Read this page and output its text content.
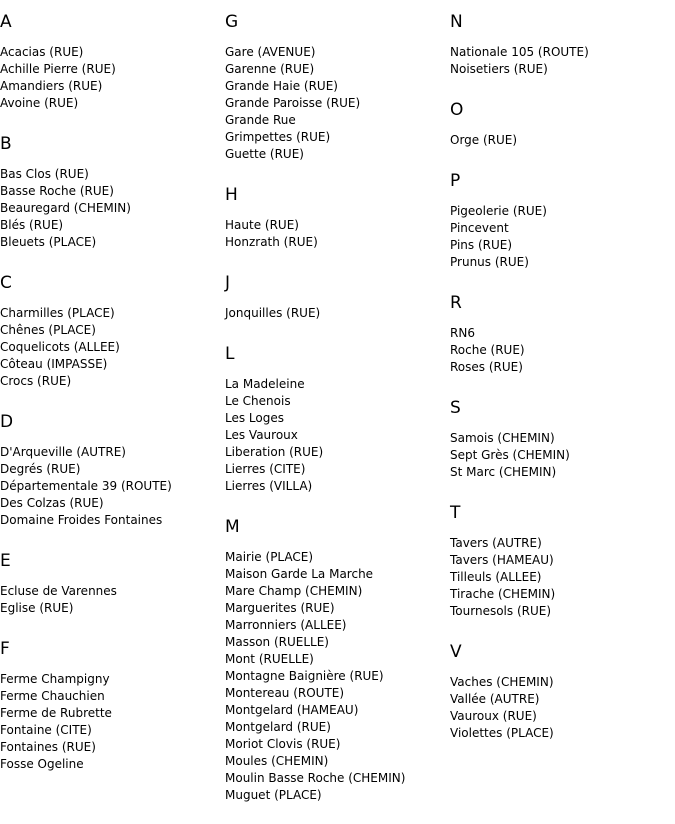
A
Acacias (RUE)
Achille Pierre (RUE)
Amandiers (RUE)
Avoine (RUE)
B
Bas Clos (RUE)
Basse Roche (RUE)
Beauregard (CHEMIN)
Blés (RUE)
Bleuets (PLACE)
C
Charmilles (PLACE)
Chênes (PLACE)
Coquelicots (ALLEE)
Côteau (IMPASSE)
Crocs (RUE)
D
D'Arqueville (AUTRE)
Degrés (RUE)
Départementale 39 (ROUTE)
Des Colzas (RUE)
Domaine Froides Fontaines
E
Ecluse de Varennes
Eglise (RUE)
F
Ferme Champigny
Ferme Chauchien
Ferme de Rubrette
Fontaine (CITE)
Fontaines (RUE)
Fosse Ogeline
G
Gare (AVENUE)
Garenne (RUE)
Grande Haie (RUE)
Grande Paroisse (RUE)
Grande Rue
Grimpettes (RUE)
Guette (RUE)
H
Haute (RUE)
Honzrath (RUE)
J
Jonquilles (RUE)
L
La Madeleine
Le Chenois
Les Loges
Les Vauroux
Liberation (RUE)
Lierres (CITE)
Lierres (VILLA)
M
Mairie (PLACE)
Maison Garde La Marche
Mare Champ (CHEMIN)
Marguerites (RUE)
Marronniers (ALLEE)
Masson (RUELLE)
Mont (RUELLE)
Montagne Baignière (RUE)
Montereau (ROUTE)
Montgelard (HAMEAU)
Montgelard (RUE)
Moriot Clovis (RUE)
Moules (CHEMIN)
Moulin Basse Roche (CHEMIN)
Muguet (PLACE)
N
Nationale 105 (ROUTE)
Noisetiers (RUE)
O
Orge (RUE)
P
Pigeolerie (RUE)
Pincevent
Pins (RUE)
Prunus (RUE)
R
RN6
Roche (RUE)
Roses (RUE)
S
Samois (CHEMIN)
Sept Grès (CHEMIN)
St Marc (CHEMIN)
T
Tavers (AUTRE)
Tavers (HAMEAU)
Tilleuls (ALLEE)
Tirache (CHEMIN)
Tournesols (RUE)
V
Vaches (CHEMIN)
Vallée (AUTRE)
Vauroux (RUE)
Violettes (PLACE)
